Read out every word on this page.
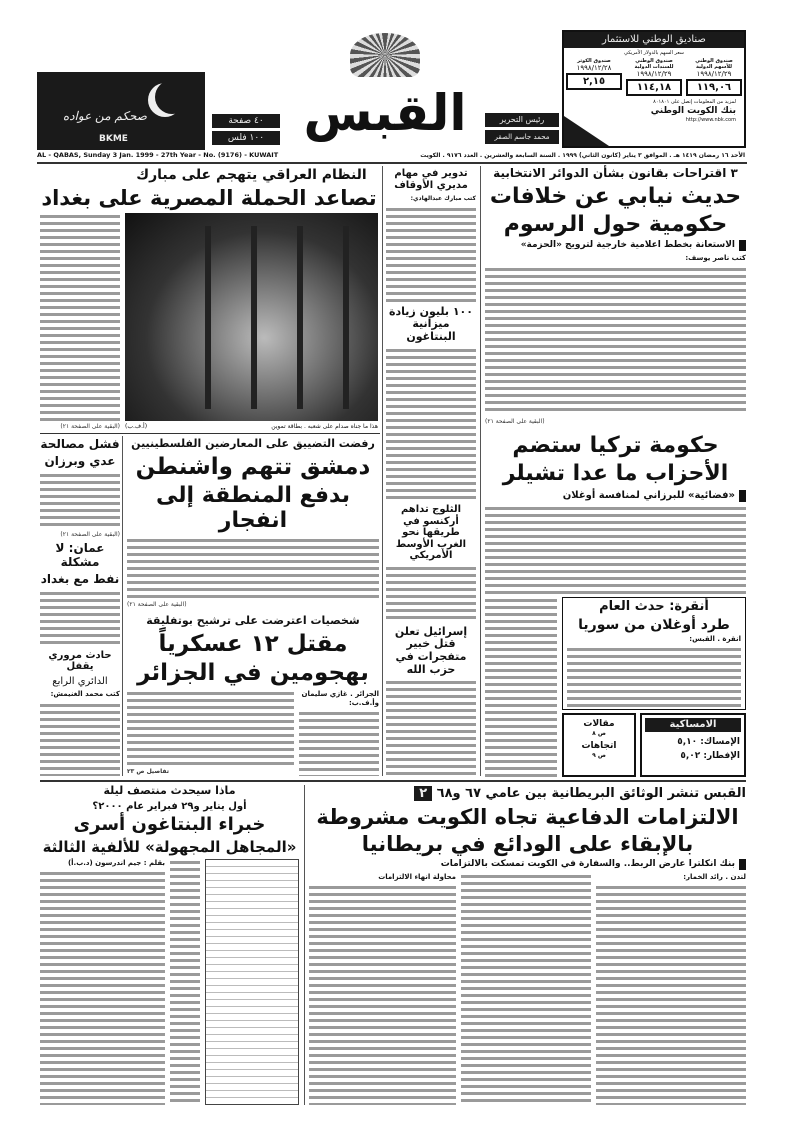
صحكم من عواده
BKME
٤٠ صفحة
١٠٠ فلس القبس	رئيس التحرير
محمد جاسم الصقر
صناديق الوطني للاستثمار
سعر السهم بالدولار الأمريكي
صندوق الوطني للأسهم الدولية
١٩٩٨/١٢/٢٩
١١٩,٠٦
صندوق الوطني للسندات الدولية
١٩٩٨/١٢/٢٩
١١٤,١٨
صندوق الكوثر
١٩٩٨/١٢/٢٨
٢,١٥
لمزيد من المعلومات إتصل على ٨٠١٨٠١
بنك الكويت الوطني
http://www.nbk.com
AL - QABAS, Sunday 3 Jan. 1999 - 27th Year - No. (9176) - KUWAIT	الأحد ١٦ رمضان ١٤١٩ هـ . الموافق ٣ يناير (كانون الثاني) ١٩٩٩ . السنة السابعة والعشرين . العدد ٩١٧٦ . الكويت
٣ اقتراحات بقانون بشأن الدوائر الانتخابية
حديث نيابي عن خلافات
حكومية حول الرسوم
الاستعانة بخطط اعلامية خارجية لترويج «الحزمة»
كتب ناصر يوسف:
(البقية على الصفحة ٢١)
حكومة تركيا ستضم
الأحزاب ما عدا تشيلر
«فضائية» للبرزاني لمنافسة أوغلان
أنقرة: حدث العام
طرد أوغلان من سوريا
انقرة . القبس:
الامساكية
الإمساك: ٥,١٠
الإفطار: ٥,٠٢
مقالات
ص ٨
اتجاهات
ص ٩
تدوير في مهام مديري الأوقاف
كتب مبارك عبدالهادي:
١٠٠ بليون زيادة ميزانية البنتاغون
الثلوج تداهم أركنسو في طريقها نحو الغرب الأوسط الأمريكي
إسرائيل تعلن قتل خبير متفجرات في حزب الله
النظام العراقي يتهجم على مبارك
تصاعد الحملة المصرية على بغداد
(البقية على الصفحة ٢١) (أ.ف.ب)	هذا ما جناه صدام على شعبه . بطاقة تموين
رفضت التضييق على المعارضين الفلسطينيين
دمشق تتهم واشنطن
بدفع المنطقة إلى انفجار
(البقية على الصفحة ٢١)
شخصيات اعترضت على ترشيح بوتفليقة
مقتل ١٢ عسكرياً
بهجومين في الجزائر
الجزائر . غازي سليمان وأ.ف.ب:
تفاصيل ص ٢٣
فشل مصالحة
عدي وبرزان
(البقية على الصفحة ٢١)
عمان: لا مشكلة
نفط مع بغداد
حادث مروري يقفل
الدائري الرابع
كتب محمد الغنيمش:
القبس تنشر الوثائق البريطانية بين عامي ٦٧ و٦٨ ٢
الالتزامات الدفاعية تجاه الكويت مشروطة
بالإبقاء على الودائع في بريطانيا
بنك انكلترا عارض الربط.. والسفارة في الكويت تمسكت بالالتزامات
لندن . رائد الخمار:
محاولة انهاء الالتزامات
ماذا سيحدث منتصف ليلة
أول يناير و٢٩ فبراير عام ٢٠٠٠؟
خبراء البنتاغون أسرى
«المجاهل المجهولة» للألفية الثالثة
بقلم : جيم اندرسون (د.ب.أ)
